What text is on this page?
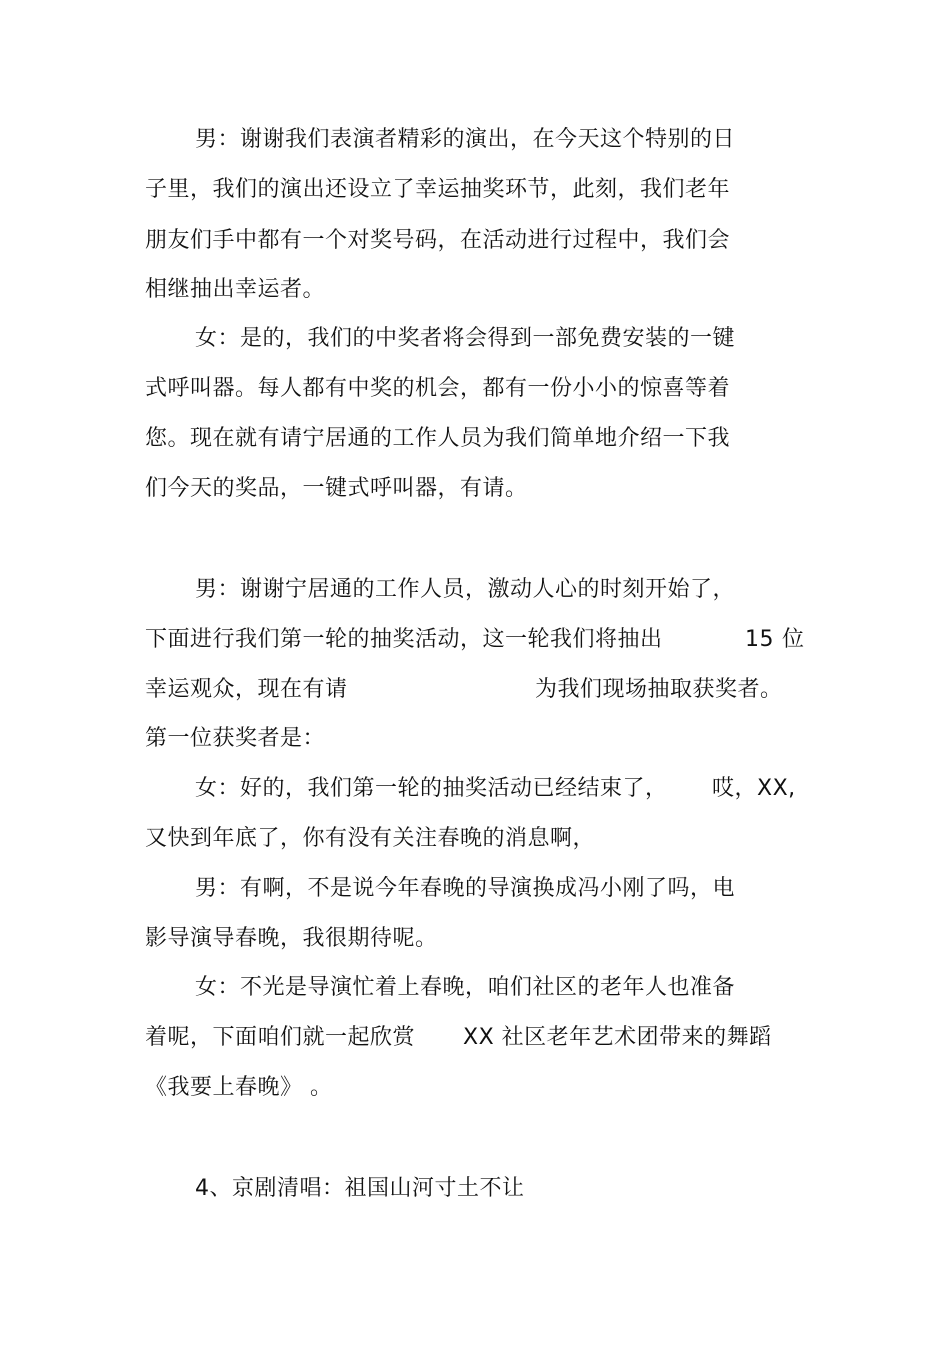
男：谢谢我们表演者精彩的演出，在今天这个特别的日
子里，我们的演出还设立了幸运抽奖环节，此刻，我们老年
朋友们手中都有一个对奖号码，在活动进行过程中，我们会
相继抽出幸运者。
女：是的，我们的中奖者将会得到一部免费安装的一键
式呼叫器。每人都有中奖的机会，都有一份小小的惊喜等着
您。现在就有请宁居通的工作人员为我们简单地介绍一下我
们今天的奖品，一键式呼叫器，有请。
男：谢谢宁居通的工作人员，激动人心的时刻开始了，
下面进行我们第一轮的抽奖活动，这一轮我们将抽出	15 位
幸运观众，现在有请	为我们现场抽取获奖者。
第一位获奖者是：
女：好的，我们第一轮的抽奖活动已经结束了， 哎，XX,
又快到年底了，你有没有关注春晚的消息啊，
男：有啊，不是说今年春晚的导演换成冯小刚了吗，电
影导演导春晚，我很期待呢。
女：不光是导演忙着上春晚，咱们社区的老年人也准备
着呢，下面咱们就一起欣赏 XX 社区老年艺术团带来的舞蹈
《我要上春晚》 。
4、京剧清唱：祖国山河寸土不让
